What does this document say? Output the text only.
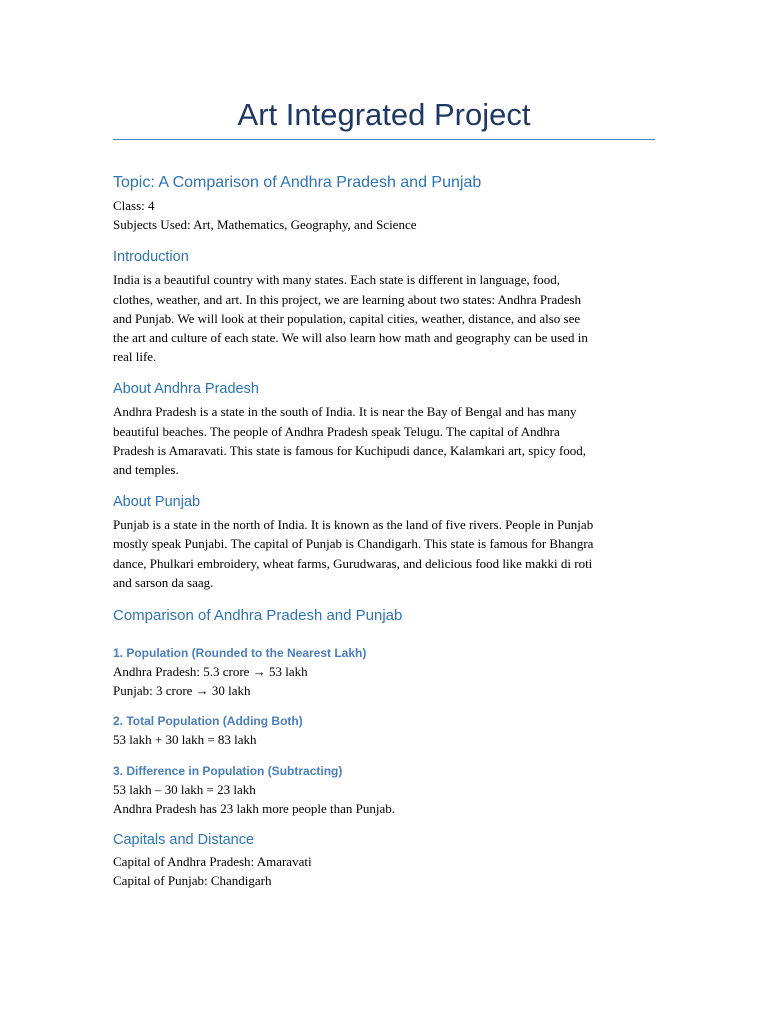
Art Integrated Project
Topic: A Comparison of Andhra Pradesh and Punjab

Class: 4

Subjects Used: Art, Mathematics, Geography, and Science

Introduction

India is a beautiful country with many states. Each state is different in language, food,
clothes, weather, and art. In this project, we are learning about two states: Andhra Pradesh
and Punjab. We will look at their population, capital cities, weather, distance, and also see
the art and culture of each state. We will also learn how math and geography can be used in
real life.

About Andhra Pradesh

Andhra Pradesh is a state in the south of India. It is near the Bay of Bengal and has many
beautiful beaches. The people of Andhra Pradesh speak Telugu. The capital of Andhra
Pradesh is Amaravati. This state is famous for Kuchipudi dance, Kalamkari art, spicy food,
and temples.

About Punjab

Punjab is a state in the north of India. It is known as the land of five rivers. People in Punjab
mostly speak Punjabi. The capital of Punjab is Chandigarh. This state is famous for Bhangra
dance, Phulkari embroidery, wheat farms, Gurudwaras, and delicious food like makki di roti
and sarson da saag.

Comparison of Andhra Pradesh and Punjab
1. Population (Rounded to the Nearest Lakh)

Andhra Pradesh: 5.3 crore → 53 lakh
Punjab: 3 crore → 30 lakh

2. Total Population (Adding Both)

53 lakh + 30 lakh = 83 lakh

3. Difference in Population (Subtracting)

53 lakh – 30 lakh = 23 lakh
Andhra Pradesh has 23 lakh more people than Punjab.

Capitals and Distance

Capital of Andhra Pradesh: Amaravati
Capital of Punjab: Chandigarh
